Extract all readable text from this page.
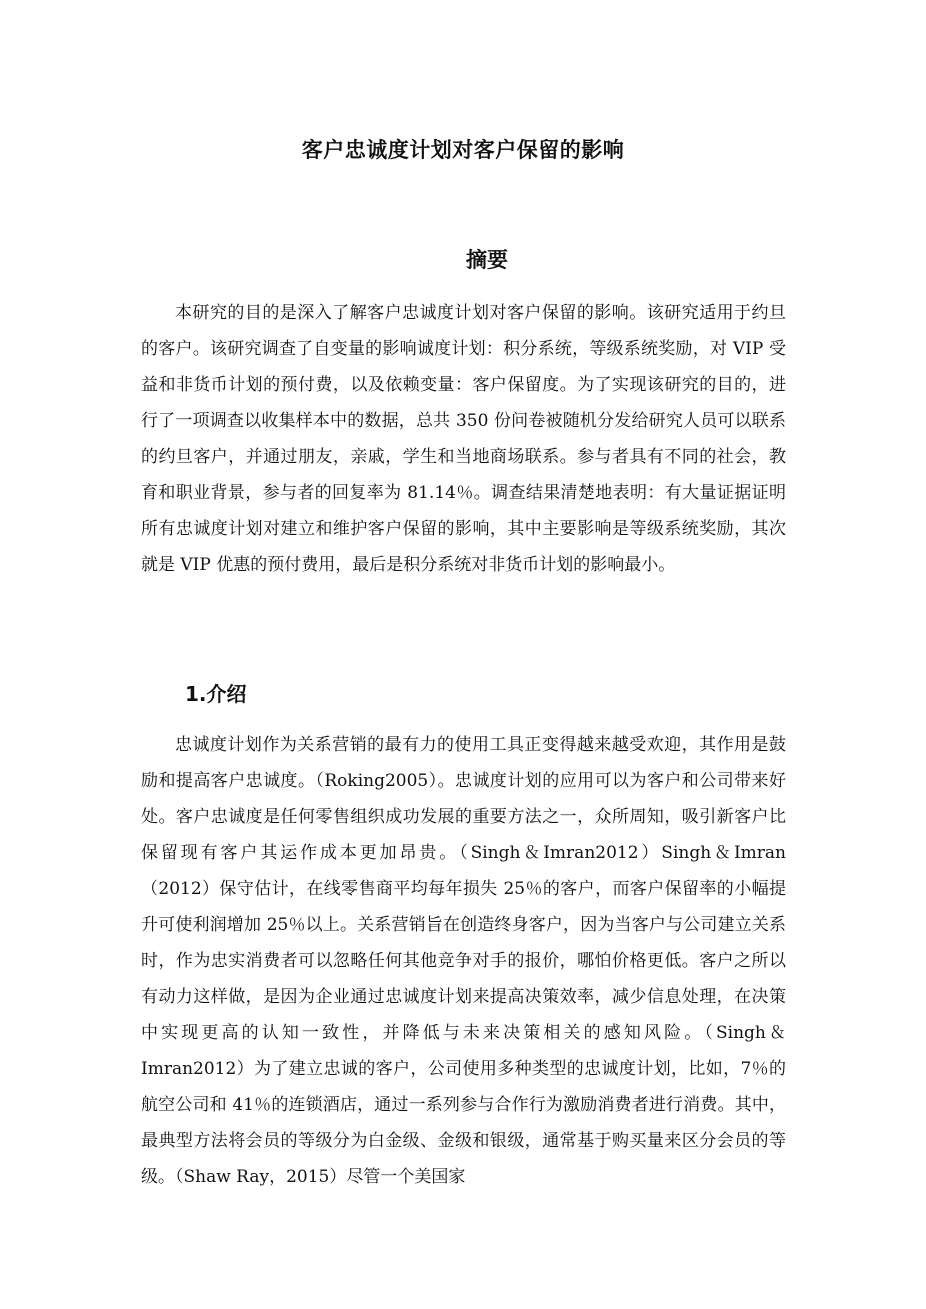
客户忠诚度计划对客户保留的影响
摘要

本研究的目的是深入了解客户忠诚度计划对客户保留的影响。该研究适用于约旦的客户。该研究调查了自变量的影响诚度计划：积分系统，等级系统奖励，对 VIP 受益和非货币计划的预付费，以及依赖变量：客户保留度。为了实现该研究的目的，进行了一项调查以收集样本中的数据，总共 350 份问卷被随机分发给研究人员可以联系的约旦客户，并通过朋友，亲戚，学生和当地商场联系。参与者具有不同的社会，教育和职业背景，参与者的回复率为 81.14％。调查结果清楚地表明：有大量证据证明所有忠诚度计划对建立和维护客户保留的影响，其中主要影响是等级系统奖励，其次就是 VIP 优惠的预付费用，最后是积分系统对非货币计划的影响最小。

1.介绍

忠诚度计划作为关系营销的最有力的使用工具正变得越来越受欢迎，其作用是鼓励和提高客户忠诚度。（Roking2005）。忠诚度计划的应用可以为客户和公司带来好处。客户忠诚度是任何零售组织成功发展的重要方法之一，众所周知，吸引新客户比保留现有客户其运作成本更加昂贵。（Singh＆Imran2012）Singh＆Imran（2012）保守估计，在线零售商平均每年损失 25％的客户，而客户保留率的小幅提升可使利润增加 25％以上。关系营销旨在创造终身客户，因为当客户与公司建立关系时，作为忠实消费者可以忽略任何其他竞争对手的报价，哪怕价格更低。客户之所以有动力这样做，是因为企业通过忠诚度计划来提高决策效率，减少信息处理，在决策中实现更高的认知一致性，并降低与未来决策相关的感知风险。（Singh＆Imran2012）为了建立忠诚的客户，公司使用多种类型的忠诚度计划，比如，7％的航空公司和 41％的连锁酒店，通过一系列参与合作行为激励消费者进行消费。其中，最典型方法将会员的等级分为白金级、金级和银级，通常基于购买量来区分会员的等级。（Shaw Ray，2015）尽管一个美国家
